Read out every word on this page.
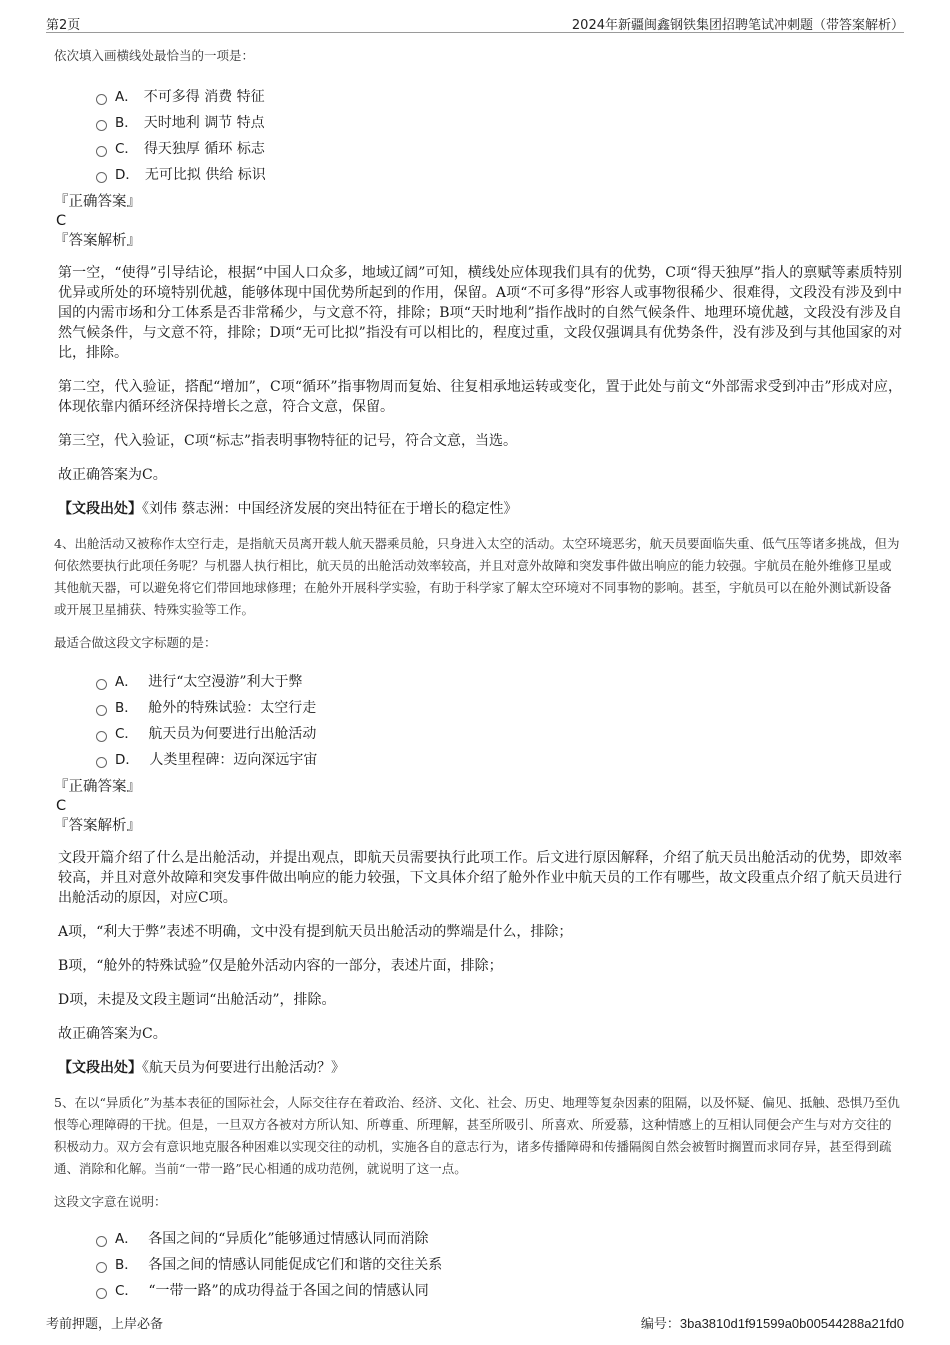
第2页	2024年新疆闽鑫钢铁集团招聘笔试冲刺题（带答案解析）

依次填入画横线处最恰当的一项是：

A． 不可多得 消费 特征
B． 天时地利 调节 特点
C． 得天独厚 循环 标志
D． 无可比拟 供给 标识

『正确答案』

C

『答案解析』

第一空，“使得”引导结论，根据“中国人口众多，地域辽阔”可知，横线处应体现我们具有的优势，C项“得天独厚”指人的禀赋等素质特别优异或所处的环境特别优越，能够体现中国优势所起到的作用，保留。A项“不可多得”形容人或事物很稀少、很难得，文段没有涉及到中国的内需市场和分工体系是否非常稀少，与文意不符，排除；B项“天时地利”指作战时的自然气候条件、地理环境优越，文段没有涉及自然气候条件，与文意不符，排除；D项“无可比拟”指没有可以相比的，程度过重，文段仅强调具有优势条件，没有涉及到与其他国家的对比，排除。

第二空，代入验证，搭配“增加”，C项“循环”指事物周而复始、往复相承地运转或变化，置于此处与前文“外部需求受到冲击”形成对应，体现依靠内循环经济保持增长之意，符合文意，保留。

第三空，代入验证，C项“标志”指表明事物特征的记号，符合文意，当选。

故正确答案为C。

【文段出处】《刘伟 蔡志洲：中国经济发展的突出特征在于增长的稳定性》

4、出舱活动又被称作太空行走，是指航天员离开载人航天器乘员舱，只身进入太空的活动。太空环境恶劣，航天员要面临失重、低气压等诸多挑战，但为何依然要执行此项任务呢？与机器人执行相比，航天员的出舱活动效率较高，并且对意外故障和突发事件做出响应的能力较强。宇航员在舱外维修卫星或其他航天器，可以避免将它们带回地球修理；在舱外开展科学实验，有助于科学家了解太空环境对不同事物的影响。甚至，宇航员可以在舱外测试新设备或开展卫星捕获、特殊实验等工作。

最适合做这段文字标题的是：

A． 进行“太空漫游”利大于弊
B． 舱外的特殊试验：太空行走
C． 航天员为何要进行出舱活动
D． 人类里程碑：迈向深远宇宙

『正确答案』

C

『答案解析』

文段开篇介绍了什么是出舱活动，并提出观点，即航天员需要执行此项工作。后文进行原因解释，介绍了航天员出舱活动的优势，即效率较高，并且对意外故障和突发事件做出响应的能力较强，下文具体介绍了舱外作业中航天员的工作有哪些，故文段重点介绍了航天员进行出舱活动的原因，对应C项。

A项，“利大于弊”表述不明确，文中没有提到航天员出舱活动的弊端是什么，排除；

B项，“舱外的特殊试验”仅是舱外活动内容的一部分，表述片面，排除；

D项，未提及文段主题词“出舱活动”，排除。

故正确答案为C。

【文段出处】《航天员为何要进行出舱活动？》

5、在以“异质化”为基本表征的国际社会，人际交往存在着政治、经济、文化、社会、历史、地理等复杂因素的阻隔，以及怀疑、偏见、抵触、恐惧乃至仇恨等心理障碍的干扰。但是，一旦双方各被对方所认知、所尊重、所理解，甚至所吸引、所喜欢、所爱慕，这种情感上的互相认同便会产生与对方交往的积极动力。双方会有意识地克服各种困难以实现交往的动机，实施各自的意志行为，诸多传播障碍和传播隔阂自然会被暂时搁置而求同存异，甚至得到疏通、消除和化解。当前“一带一路”民心相通的成功范例，就说明了这一点。

这段文字意在说明：

A． 各国之间的“异质化”能够通过情感认同而消除
B． 各国之间的情感认同能促成它们和谐的交往关系
C． “一带一路”的成功得益于各国之间的情感认同
考前押题，上岸必备	编号：3ba3810d1f91599a0b00544288a21fd0
